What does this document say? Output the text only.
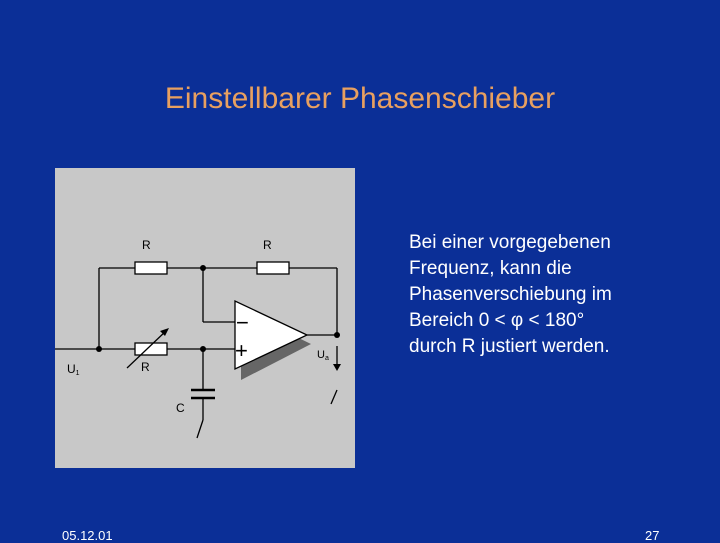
Einstellbarer Phasenschieber
R	R
R
C
U1
Ua
−
+
Bei einer vorgegebenen
Frequenz, kann die
Phasenverschiebung im
Bereich 0 < φ < 180°
durch R justiert werden.
05.12.01	27
